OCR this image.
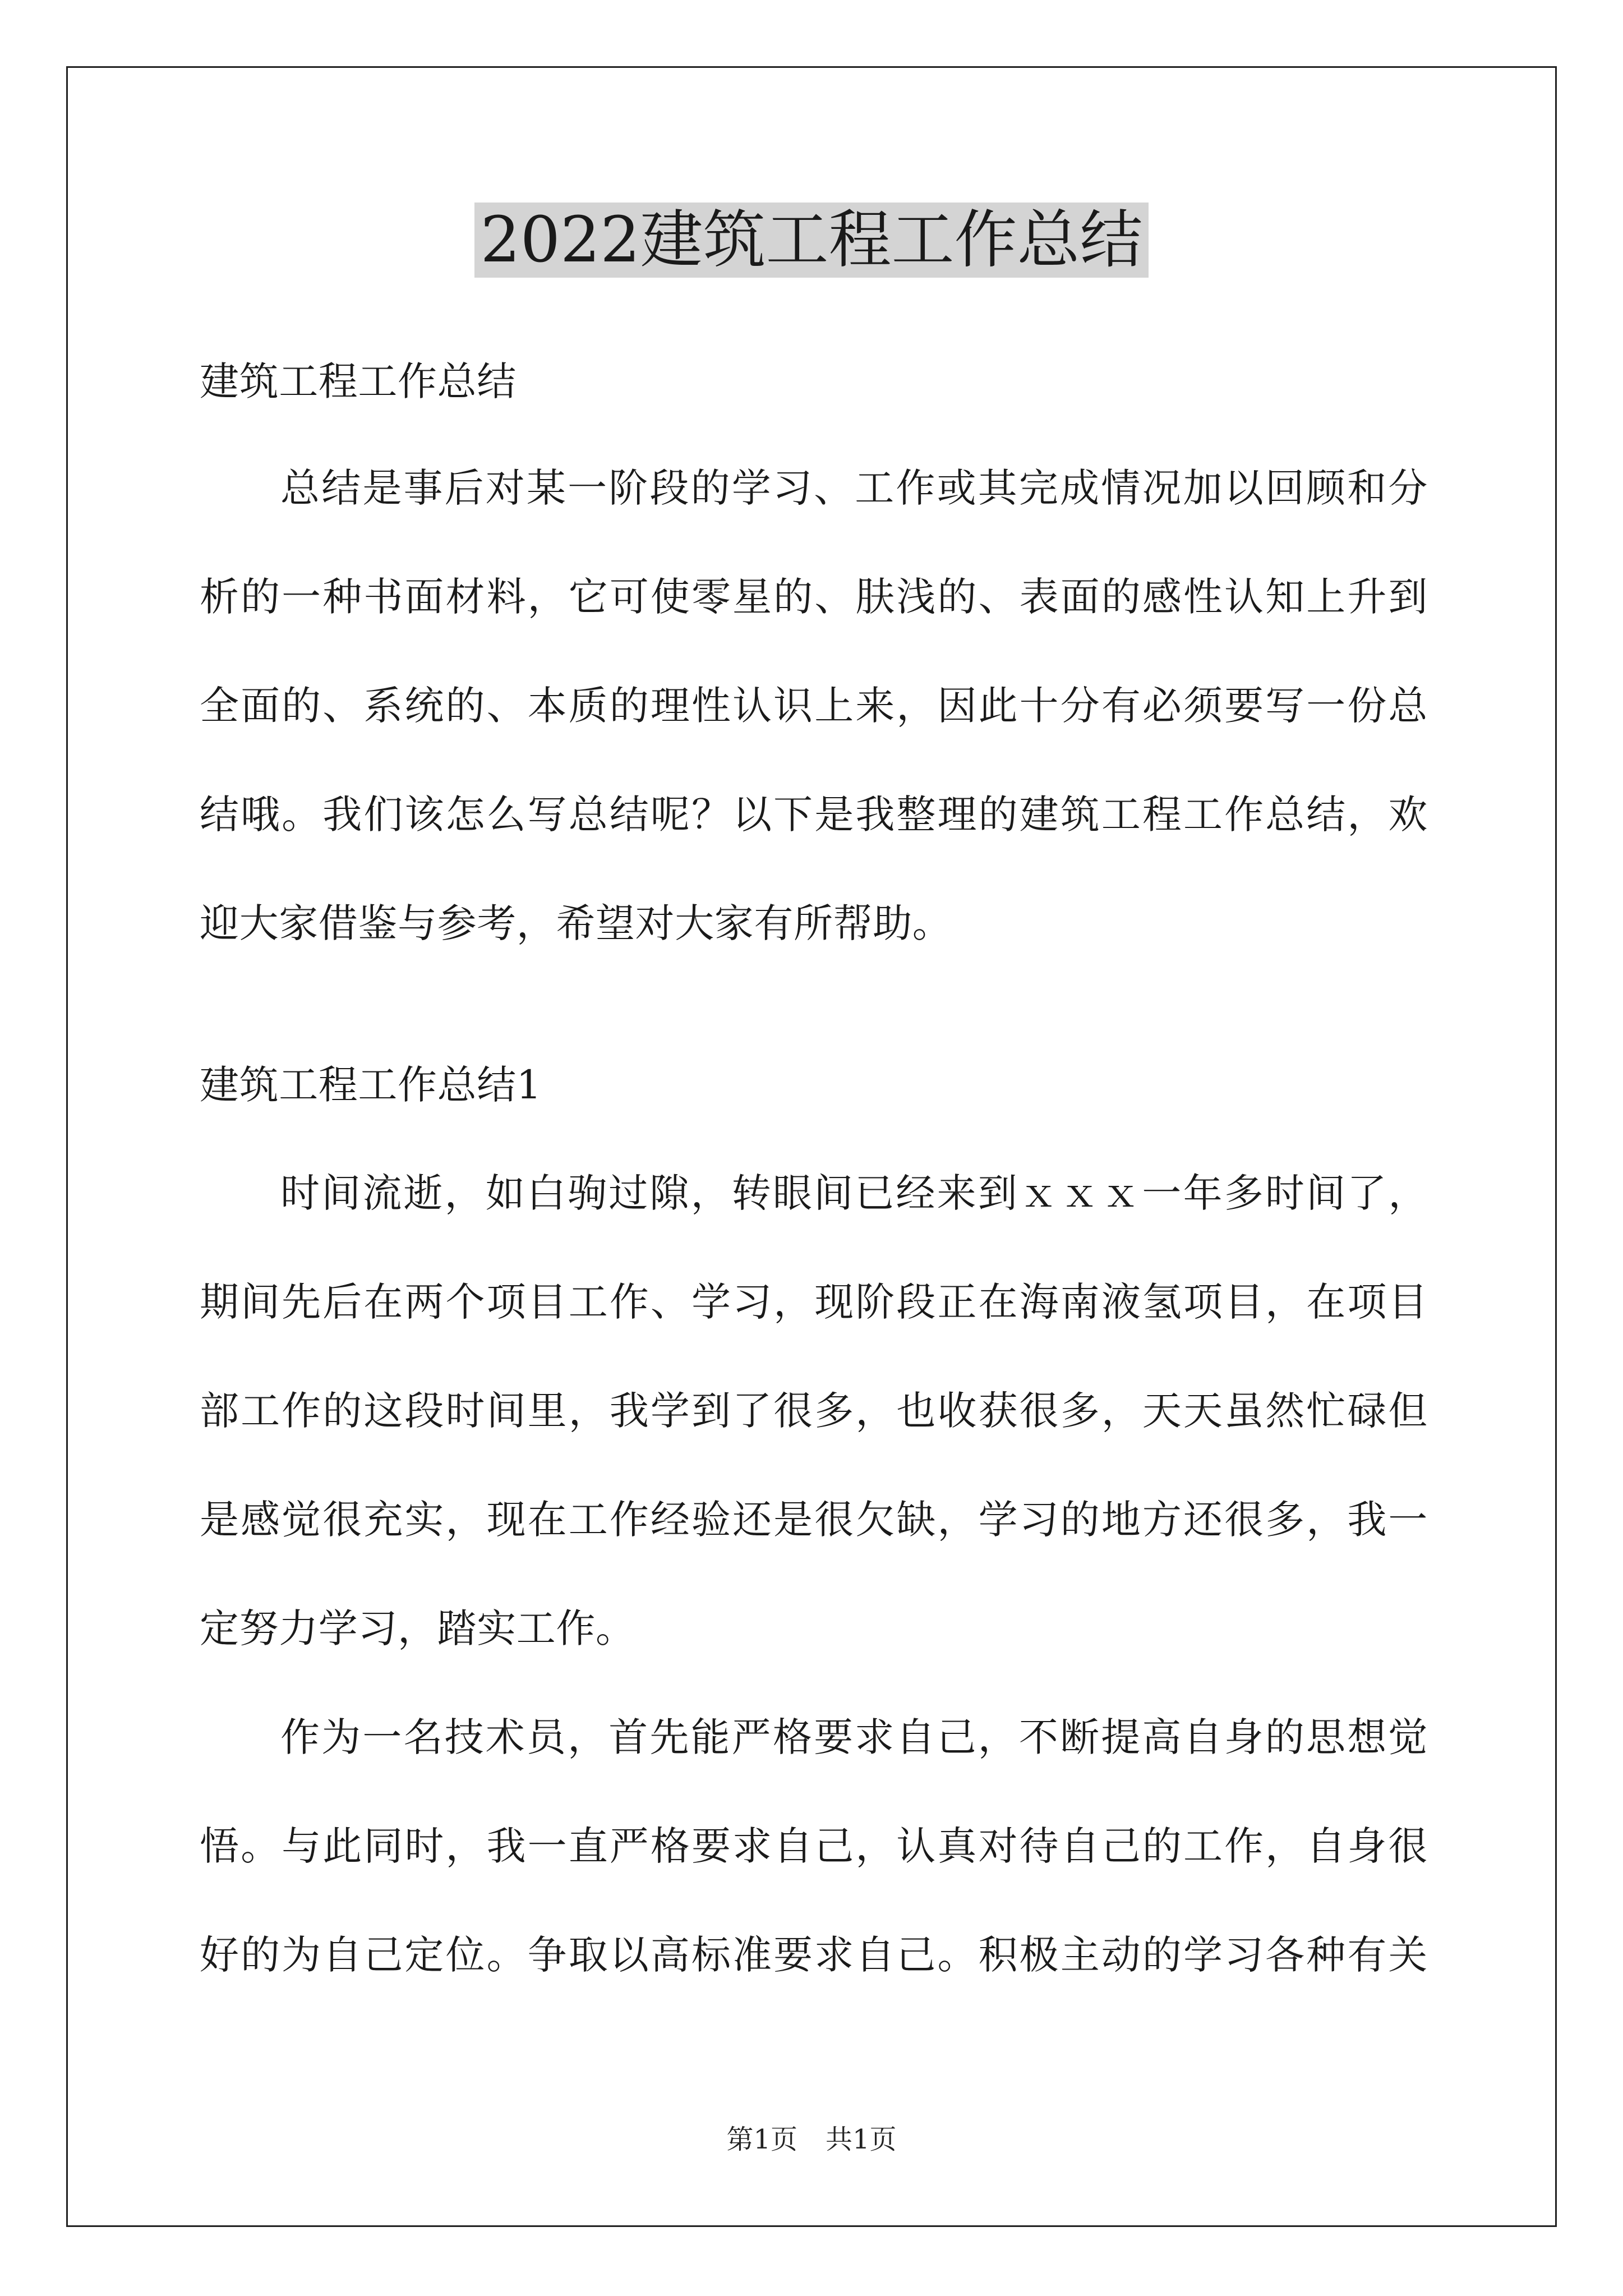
2022建筑工程工作总结
建筑工程工作总结
总结是事后对某一阶段的学习、工作或其完成情况加以回顾和分
析的一种书面材料，它可使零星的、肤浅的、表面的感性认知上升到
全面的、系统的、本质的理性认识上来，因此十分有必须要写一份总
结哦。我们该怎么写总结呢？以下是我整理的建筑工程工作总结，欢
迎大家借鉴与参考，希望对大家有所帮助。
建筑工程工作总结1
时间流逝，如白驹过隙，转眼间已经来到ｘｘｘ一年多时间了，
期间先后在两个项目工作、学习，现阶段正在海南液氢项目，在项目
部工作的这段时间里，我学到了很多，也收获很多，天天虽然忙碌但
是感觉很充实，现在工作经验还是很欠缺，学习的地方还很多，我一
定努力学习，踏实工作。
作为一名技术员，首先能严格要求自己，不断提高自身的思想觉
悟。与此同时，我一直严格要求自己，认真对待自己的工作，自身很
好的为自己定位。争取以高标准要求自己。积极主动的学习各种有关
第1页 共1页
